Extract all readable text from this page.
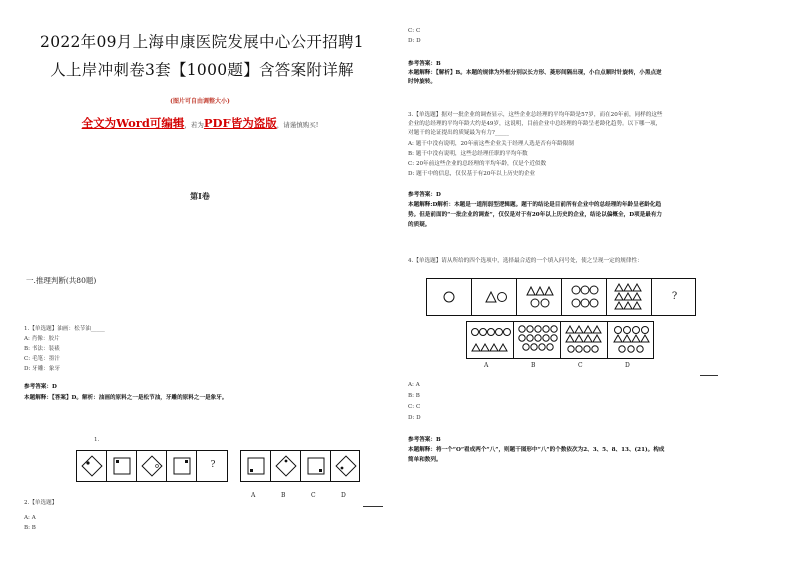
2022年09月上海申康医院发展中心公开招聘1
人上岸冲刺卷3套【1000题】含答案附详解
(图片可自由调整大小)
全文为Word可编辑，若为PDF皆为盗版，请谨慎购买!
第I卷
一.推理判断(共80题)
1.【单选题】油画：松节油_____
A: 肖像：胶片
B: 书法：装裱
C: 毛笔：墨汁
D: 牙雕：象牙
参考答案：D
本题解释：【答案】D。解析：油画的原料之一是松节油，牙雕的原料之一是象牙。
1.
?
A	B	C	D
2.【单选题】
A: A
B: B
C: C
D: D
参考答案：B
本题解释：【解析】B。本题的规律为外框分别以长方形、菱形间隔出现，小白点顺时针旋转，小黑点逆
时钟旋转。
3.【单选题】据对一批企业的调查显示，这些企业总经理的平均年龄是57岁，而在20年前，同样的这些
企业的总经理的平均年龄大约是49岁，这说明，目前企业中总经理的年龄呈老龄化趋势。以下哪一项，
对题干的论证提出的质疑最为有力?_____
A: 题干中没有说明，20年前这些企业关于经理人选是否有年龄限制
B: 题干中没有说明，这些总经理任职的平均年数
C: 20年前这些企业的总经理的平均年龄，仅是个近似数
D: 题干中的信息，仅仅基于有20年以上历史的企业
参考答案：D
本题解释:D解析：本题是一道削弱型逻辑题。题干的结论是目前所有企业中的总经理的年龄呈老龄化趋
势。但是前面的“一批企业的调查”，仅仅是对于有20年以上历史的企业，结论以偏概全，D项是最有力
的质疑。
4.【单选题】请从所给的四个选项中，选择最合适的一个填入问号处，使之呈现一定的规律性：
?
A	B	C	D
A: A
B: B
C: C
D: D
参考答案：B
本题解释：将一个“O”看成两个“八”，则题干图形中“八”的个数依次为2、3、5、8、13、(21)。构成
简单和数列。
